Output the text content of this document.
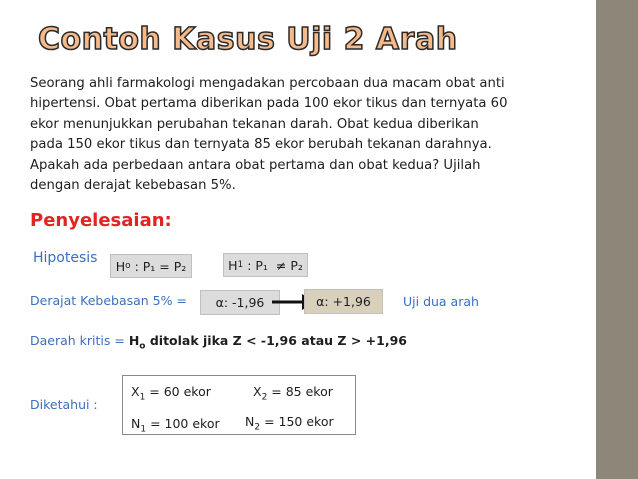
Contoh Kasus Uji 2 Arah
Seorang ahli farmakologi mengadakan percobaan dua macam obat anti
hipertensi. Obat pertama diberikan pada 100 ekor tikus dan ternyata 60
ekor menunjukkan perubahan tekanan darah. Obat kedua diberikan
pada 150 ekor tikus dan ternyata 85 ekor berubah tekanan darahnya.
Apakah ada perbedaan antara obat pertama dan obat kedua? Ujilah
dengan derajat kebebasan 5%.
Penyelesaian:
Hipotesis H o : P₁ = P₂	H 1 : P₁  ≠ P₂
Derajat Kebebasan 5% =	α: -1,96	α: +1,96	Uji dua arah
Daerah kritis = $H_o$ ditolak jika Z < -1,96 atau Z > +1,96
Diketahui :
$X_1 = 60$ ekor	$X_2 = 85$ ekor
$N_1 = 100$ ekor $N_2 = 150$ ekor
